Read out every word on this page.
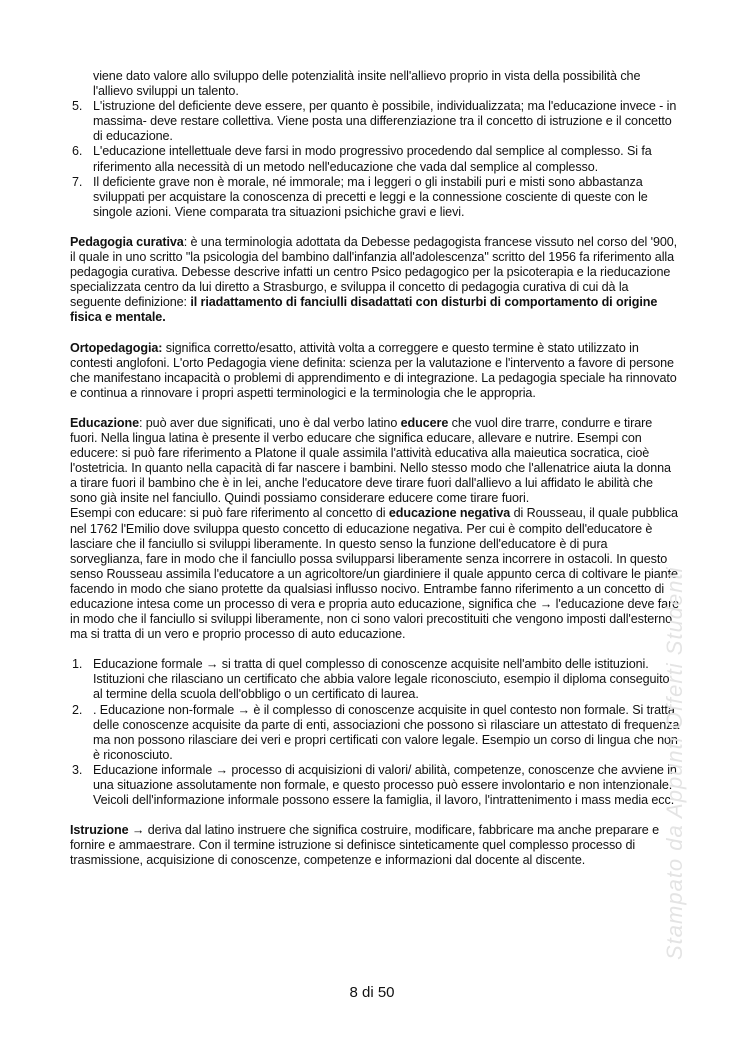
viene dato valore allo sviluppo delle potenzialità insite nell'allievo proprio in vista della possibilità che l'allievo sviluppi un talento.

5. L'istruzione del deficiente deve essere, per quanto è possibile, individualizzata; ma l'educazione invece - in massima- deve restare collettiva. Viene posta una differenziazione tra il concetto di istruzione e il concetto di educazione.
6. L'educazione intellettuale deve farsi in modo progressivo procedendo dal semplice al complesso. Si fa riferimento alla necessità di un metodo nell'educazione che vada dal semplice al complesso.
7. Il deficiente grave non è morale, né immorale; ma i leggeri o gli instabili puri e misti sono abbastanza sviluppati per acquistare la conoscenza di precetti e leggi e la connessione cosciente di queste con le singole azioni. Viene comparata tra situazioni psichiche gravi e lievi.

Pedagogia curativa: è una terminologia adottata da Debesse pedagogista francese vissuto nel corso del '900, il quale in uno scritto "la psicologia del bambino dall'infanzia all'adolescenza" scritto del 1956 fa riferimento alla pedagogia curativa. Debesse descrive infatti un centro Psico pedagogico per la psicoterapia e la rieducazione specializzata centro da lui diretto a Strasburgo, e sviluppa il concetto di pedagogia curativa di cui dà la seguente definizione: il riadattamento di fanciulli disadattati con disturbi di comportamento di origine fisica e mentale.

Ortopedagogia: significa corretto/esatto, attività volta a correggere e questo termine è stato utilizzato in contesti anglofoni. L'orto Pedagogia viene definita: scienza per la valutazione e l'intervento a favore di persone che manifestano incapacità o problemi di apprendimento e di integrazione. La pedagogia speciale ha rinnovato e continua a rinnovare i propri aspetti terminologici e la terminologia che le appropria.

Educazione: può aver due significati, uno è dal verbo latino educere che vuol dire trarre, condurre e tirare fuori. Nella lingua latina è presente il verbo educare che significa educare, allevare e nutrire. Esempi con educere: si può fare riferimento a Platone il quale assimila l'attività educativa alla maieutica socratica, cioè l'ostetricia. In quanto nella capacità di far nascere i bambini. Nello stesso modo che l'allenatrice aiuta la donna a tirare fuori il bambino che è in lei, anche l'educatore deve tirare fuori dall'allievo a lui affidato le abilità che sono già insite nel fanciullo. Quindi possiamo considerare educere come tirare fuori.

Esempi con educare: si può fare riferimento al concetto di educazione negativa di Rousseau, il quale pubblica nel 1762 l'Emilio dove sviluppa questo concetto di educazione negativa. Per cui è compito dell'educatore è lasciare che il fanciullo si sviluppi liberamente. In questo senso la funzione dell'educatore è di pura sorveglianza, fare in modo che il fanciullo possa svilupparsi liberamente senza incorrere in ostacoli. In questo senso Rousseau assimila l'educatore a un agricoltore/un giardiniere il quale appunto cerca di coltivare le piante facendo in modo che siano protette da qualsiasi influsso nocivo. Entrambe fanno riferimento a un concetto di educazione intesa come un processo di vera e propria auto educazione, significa che → l'educazione deve fare in modo che il fanciullo si sviluppi liberamente, non ci sono valori precostituiti che vengono imposti dall'esterno ma si tratta di un vero e proprio processo di auto educazione.

1. Educazione formale → si tratta di quel complesso di conoscenze acquisite nell'ambito delle istituzioni. Istituzioni che rilasciano un certificato che abbia valore legale riconosciuto, esempio il diploma conseguito al termine della scuola dell'obbligo o un certificato di laurea.
2. . Educazione non-formale → è il complesso di conoscenze acquisite in quel contesto non formale. Si tratta delle conoscenze acquisite da parte di enti, associazioni che possono sì rilasciare un attestato di frequenza ma non possono rilasciare dei veri e propri certificati con valore legale. Esempio un corso di lingua che non è riconosciuto.
3. Educazione informale → processo di acquisizioni di valori/ abilità, competenze, conoscenze che avviene in una situazione assolutamente non formale, e questo processo può essere involontario e non intenzionale. Veicoli dell'informazione informale possono essere la famiglia, il lavoro, l'intrattenimento i mass media ecc.

Istruzione → deriva dal latino instruere che significa costruire, modificare, fabbricare ma anche preparare e fornire e ammaestrare. Con il termine istruzione si definisce sinteticamente quel complesso processo di trasmissione, acquisizione di conoscenze, competenze e informazioni dal docente al discente.

8 di 50
Stampato da Appunti Offerti Studenti
